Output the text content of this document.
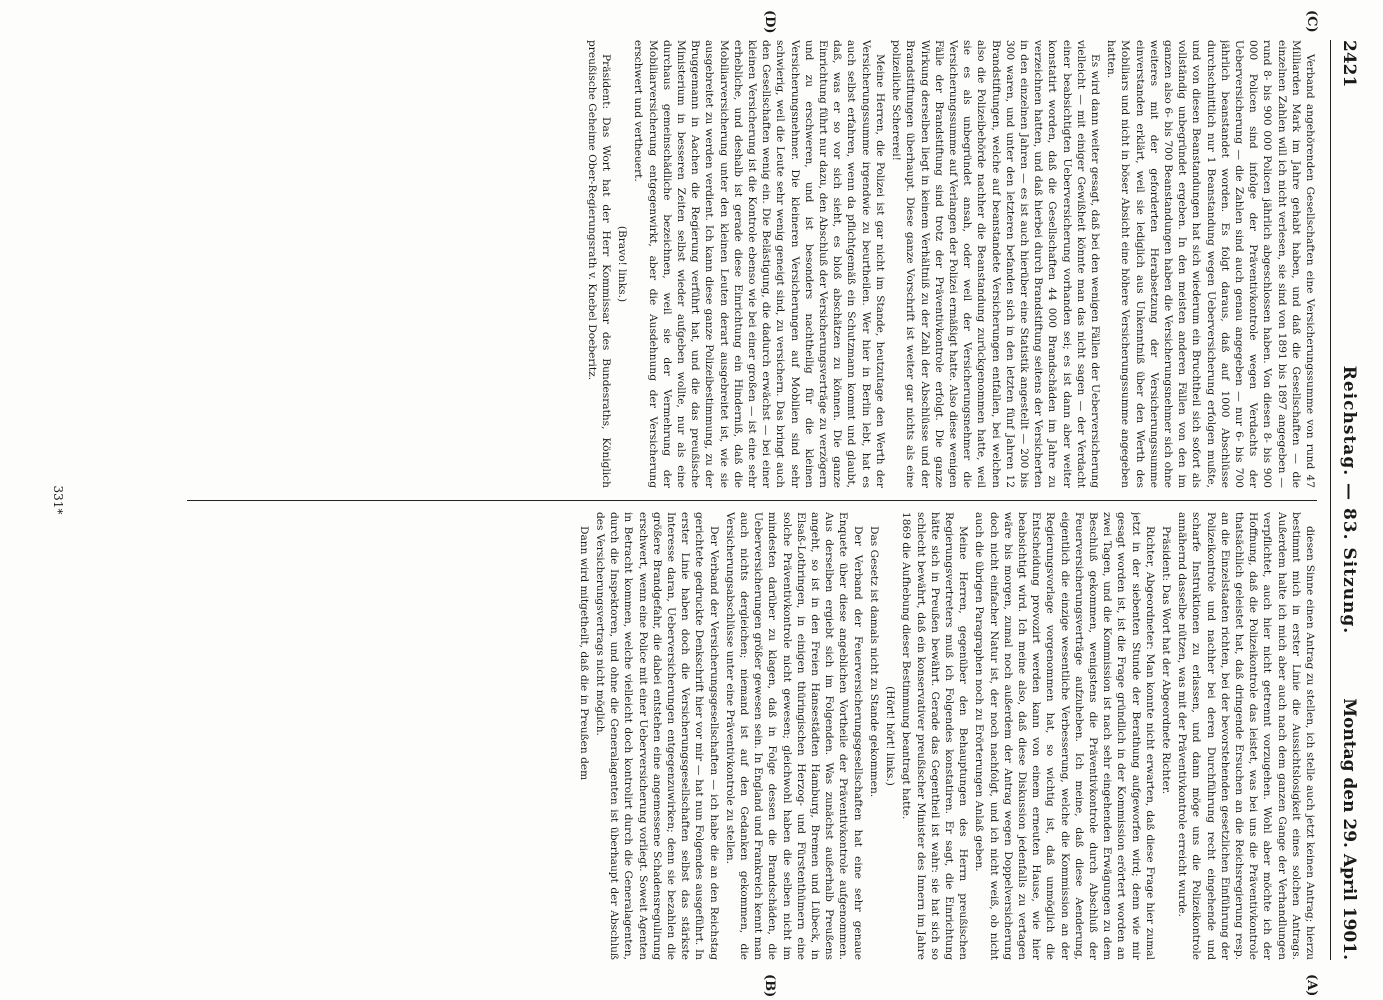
2421
Reichstag. — 83. Sitzung.
Montag den 29. April 1901.
(C)
(D)
(A)
(B)

Verband angehörenden Gesellschaften eine Versicherungssumme von rund 47 Milliarden Mark im Jahre gehabt haben, und daß die Gesellschaften — die einzelnen Zahlen will ich nicht verlesen, sie sind von 1891 bis 1897 angegeben — rund 8- bis 900 000 Policen jährlich abgeschlossen haben. Von diesen 8- bis 900 000 Policen sind infolge der Präventivkontrole wegen Verdachts der Ueberversicherung — die Zahlen sind auch genau angegeben — nur 6- bis 700 jährlich beanstandet worden. Es folgt daraus, daß auf 1000 Abschlüsse durchschnittlich nur 1 Beanstandung wegen Ueberversicherung erfolgen mußte, und von diesen Beanstandungen hat sich wiederum ein Bruchtheil sich sofort als vollständig unbegründet ergeben. In den meisten anderen Fällen von den im ganzen also 6- bis 700 Beanstandungen haben die Versicherungsnehmer sich ohne weiteres mit der geforderten Herabsetzung der Versicherungssumme einverstanden erklärt, weil sie lediglich aus Unkenntniß über den Werth des Mobiliars und nicht in böser Absicht eine höhere Versicherungssumme angegeben hatten.

Es wird dann weiter gesagt, daß bei den wenigen Fällen der Ueberversicherung vielleicht — mit einiger Gewißheit könnte man das nicht sagen — der Verdacht einer beabsichtigten Ueberversicherung vorhanden sei; es ist dann aber weiter konstatirt worden, daß die Gesellschaften 44 000 Brandschäden im Jahre zu verzeichnen hatten, und daß hierbei durch Brandstiftung seitens der Versicherten in den einzelnen Jahren — es ist auch hierüber eine Statistik angestellt — 200 bis 300 waren, und unter den letzteren befanden sich in den letzten fünf Jahren 12 Brandstiftungen, welche auf beanstandete Versicherungen entfallen, bei welchen also die Polizeibehörde nachher die Beanstandung zurückgenommen hatte, weil sie es als unbegründet ansah, oder weil der Versicherungsnehmer die Versicherungssumme auf Verlangen der Polizei ermäßigt hatte. Also diese wenigen Fälle der Brandstiftung sind trotz der Präventivkontrole erfolgt. Die ganze Wirkung derselben liegt in keinem Verhältniß zu der Zahl der Abschlüsse und der Brandstiftungen überhaupt. Diese ganze Vorschrift ist weiter gar nichts als eine polizeiliche Schererei!

Meine Herren, die Polizei ist gar nicht im Stande, heutzutage den Werth der Versicherungssumme irgendwie zu beurtheilen. Wer hier in Berlin lebt, hat es auch selbst erfahren, wenn da pflichtgemäß ein Schutzmann kommt und glaubt, daß, was er so vor sich sieht, es bloß abschätzen zu können. Die ganze Einrichtung führt nur dazu, den Abschluß der Versicherungsverträge zu verzögern und zu erschweren, und ist besonders nachtheilig für die kleinen Versicherungsnehmer. Die kleineren Versicherungen auf Mobilien sind sehr schwierig, weil die Leute sehr wenig geneigt sind, zu versichern. Das bringt auch den Gesellschaften wenig ein. Die Belästigung, die dadurch erwächst — bei einer kleinen Versicherung ist die Kontrole ebenso wie bei einer großen — ist eine sehr erhebliche, und deshalb ist gerade diese Einrichtung ein Hinderniß, daß die Mobiliarversicherung unter den kleinen Leuten derart ausgebreitet ist, wie sie ausgebreitet zu werden verdient. Ich kann diese ganze Polizeibestimmung, zu der Bruggemann in Aachen die Regierung verführt hat, und die das preußische Ministerium in besseren Zeiten selbst wieder aufgeben wollte, nur als eine durchaus gemeinschädliche bezeichnen, weil sie der Vermehrung der Mobiliarversicherung entgegenwirkt, aber die Ausdehnung der Versicherung erschwert und vertheuert.

(Bravo! links.)

Präsident: Das Wort hat der Herr Kommissar des Bundesraths, Königlich preußische Geheime Ober-Regierungsrath v. Knebel Doeberitz.

diesen Sinne einen Antrag zu stellen, ich stelle auch jetzt keinen Antrag; hierzu bestimmt mich in erster Linie die Aussichtslosigkeit eines solchen Antrags. Außerdem halte ich mich aber auch nach dem ganzen Gange der Verhandlungen verpflichtet, auch hier nicht getrennt vorzugehen. Wohl aber möchte ich der Hoffnung, daß die Polizeikontrole das leistet, was bei uns die Präventivkontrole thatsächlich geleistet hat, daß dringende Ersuchen an die Reichsregierung resp. an die Einzelstaaten richten, bei der bevorstehenden gesetzlichen Einführung der Polizeikontrole und nachher bei deren Durchführung recht eingehende und scharfe Instruktionen zu erlassen, und dann möge uns die Polizeikontrole annähernd dasselbe nützen, was mit der Präventivkontrole erreicht wurde.

Präsident: Das Wort hat der Abgeordnete Richter.

Richter, Abgeordneter: Man konnte nicht erwarten, daß diese Frage hier zumal jetzt in der siebenten Stunde der Berathung aufgeworfen wird; denn wie mir gesagt worden ist, ist die Frage gründlich in der Kommission erörtert worden an zwei Tagen, und die Kommission ist nach sehr eingehenden Erwägungen zu dem Beschluß gekommen, wenigstens die Präventivkontrole durch Abschluß der Feuerversicherungsverträge aufzuheben. Ich meine, daß diese Aenderung, eigentlich die einzige wesentliche Verbesserung, welche die Kommission an der Regierungsvorlage vorgenommen hat, so wichtig ist, daß unmöglich die Entscheidung provozirt werden kann von einem erneuten Hause, wie hier beabsichtigt wird. Ich meine also, daß diese Diskussion jedenfalls zu vertagen wäre bis morgen, zumal noch außerdem der Antrag wegen Doppelversicherung doch nicht einfacher Natur ist, der noch nachfolgt, und ich nicht weiß, ob nicht auch die übrigen Paragraphen noch zu Erörterungen Anlaß geben.

Meine Herren, gegenüber den Behauptungen des Herrn preußischen Regierungsvertreters muß ich Folgendes konstatiren. Er sagt, die Einrichtung hätte sich in Preußen bewährt. Gerade das Gegentheil ist wahr: sie hat sich so schlecht bewährt, daß ein konservativer preußischer Minister des Innern im Jahre 1869 die Aufhebung dieser Bestimmung beantragt hatte.

(Hört! hört! links.)

Das Gesetz ist damals nicht zu Stande gekommen.

Der Verband der Feuerversicherungsgesellschaften hat eine sehr genaue Enquete über diese angeblichen Vortheile der Präventivkontrole aufgenommen. Aus derselben ergiebt sich im Folgenden. Was zunächst außerhalb Preußens angeht, so ist in den Freien Hansestädten Hamburg, Bremen und Lübeck, in Elsaß-Lothringen, in einigen thüringischen Herzog- und Fürstenthümern eine solche Präventivkontrole nicht gewesen; gleichwohl haben die selben nicht im mindesten darüber zu klagen, daß in Folge dessen die Brandschäden, die Ueberversicherungen größer gewesen sein. In England und Frankreich kennt man auch nichts dergleichen; niemand ist auf den Gedanken gekommen, die Versicherungsabschlüsse unter eine Präventivkontrole zu stellen.

Der Verband der Versicherungsgesellschaften — ich habe die an den Reichstag gerichtete gedruckte Denkschrift hier vor mir — hat nun Folgendes ausgeführt. In erster Linie haben doch die Versicherungsgesellschaften selbst das stärkste Interesse daran, Ueberversicherungen entgegenzuwirken; denn sie bezahlen die größere Brandgefahr, die dabei entstehen eine angemessene Schadensregulirung erschwert, wenn eine Police mit einer Ueberversicherung vorliegt. Soweit Agenten in Betracht kommen, welche vielleicht doch kontrolirt durch die Generalagenten, durch die Inspektoren, und ohne die Generalagenten ist überhaupt der Abschluß des Versicherungsvertrags nicht möglich.

Dann wird mitgetheilt, daß die in Preußen dem

331*
